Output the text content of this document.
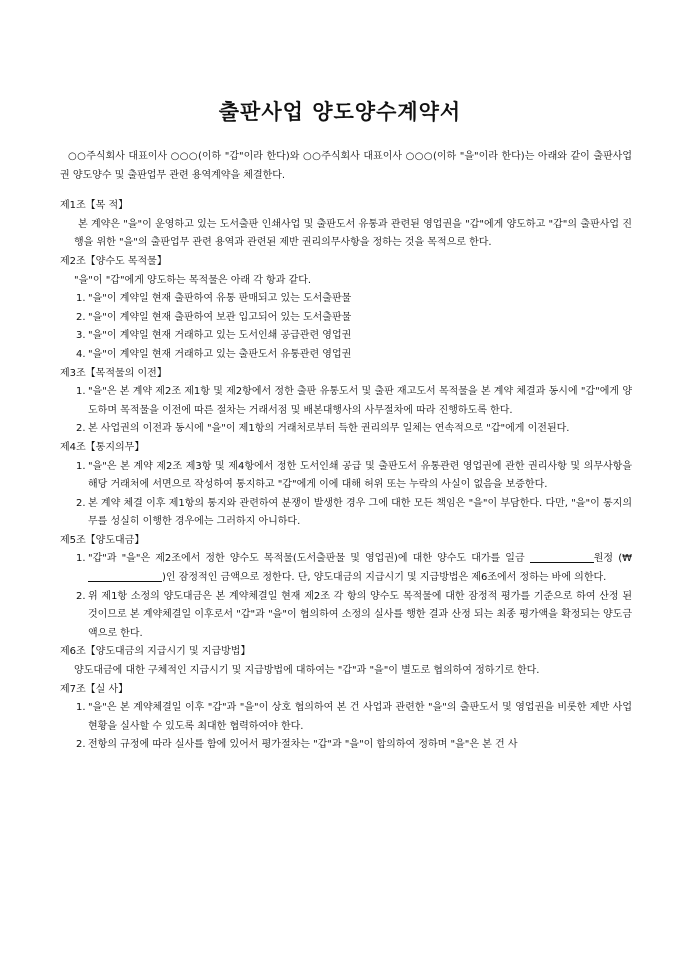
출판사업 양도양수계약서

○○주식회사 대표이사 ○○○(이하 "갑"이라 한다)와 ○○주식회사 대표이사 ○○○(이하 "을"이라 한다)는 아래와 같이 출판사업권 양도양수 및 출판업무 관련 용역계약을 체결한다.

제1조【목 적】

본 계약은 "을"이 운영하고 있는 도서출판 인쇄사업 및 출판도서 유통과 관련된 영업권을 "갑"에게 양도하고 "갑"의 출판사업 진행을 위한 "을"의 출판업무 관련 용역과 관련된 제반 권리의무사항을 정하는 것을 목적으로 한다.

제2조【양수도 목적물】

"을"이 "갑"에게 양도하는 목적물은 아래 각 항과 같다.

1. "을"이 계약일 현재 출판하여 유통 판매되고 있는 도서출판물
2. "을"이 계약일 현재 출판하여 보관 입고되어 있는 도서출판물
3. "을"이 계약일 현재 거래하고 있는 도서인쇄 공급관련 영업권
4. "을"이 계약일 현재 거래하고 있는 출판도서 유통관련 영업권

제3조【목적물의 이전】

1. "을"은 본 계약 제2조 제1항 및 제2항에서 정한 출판 유통도서 및 출판 재고도서 목적물을 본 계약 체결과 동시에 "갑"에게 양도하며 목적물을 이전에 따른 절차는 거래서점 및 배본대행사의 사무절차에 따라 진행하도록 한다.
2. 본 사업권의 이전과 동시에 "을"이 제1항의 거래처로부터 득한 권리의무 일체는 연속적으로 "갑"에게 이전된다.

제4조【통지의무】

1. "을"은 본 계약 제2조 제3항 및 제4항에서 정한 도서인쇄 공급 및 출판도서 유통관련 영업권에 관한 권리사항 및 의무사항을 해당 거래처에 서면으로 작성하여 통지하고 "갑"에게 이에 대해 허위 또는 누락의 사실이 없음을 보증한다.
2. 본 계약 체결 이후 제1항의 통지와 관련하여 분쟁이 발생한 경우 그에 대한 모든 책임은 "을"이 부담한다. 다만, "을"이 통지의무를 성실히 이행한 경우에는 그러하지 아니하다.

제5조【양도대금】

1. "갑"과 "을"은 제2조에서 정한 양수도 목적물(도서출판물 및 영업권)에 대한 양수도 대가를 일금	원정 (₩)인 잠정적인 금액으로 정한다. 단, 양도대금의 지급시기 및 지급방법은 제6조에서 정하는 바에 의한다.
2. 위 제1항 소정의 양도대금은 본 계약체결일 현재 제2조 각 항의 양수도 목적물에 대한 잠정적 평가를 기준으로 하여 산정 된 것이므로 본 계약체결일 이후로서 "갑"과 "을"이 협의하여 소정의 실사를 행한 결과 산정 되는 최종 평가액을 확정되는 양도금액으로 한다.

제6조【양도대금의 지급시기 및 지급방법】

양도대금에 대한 구체적인 지급시기 및 지급방법에 대하여는 "갑"과 "을"이 별도로 협의하여 정하기로 한다.

제7조【실 사】

1. "을"은 본 계약체결일 이후 "갑"과 "을"이 상호 협의하여 본 건 사업과 관련한 "을"의 출판도서 및 영업권을 비롯한 제반 사업현황을 실사할 수 있도록 최대한 협력하여야 한다.
2. 전항의 규정에 따라 실사를 함에 있어서 평가절차는 "갑"과 "을"이 합의하여 정하며 "을"은 본 건 사
